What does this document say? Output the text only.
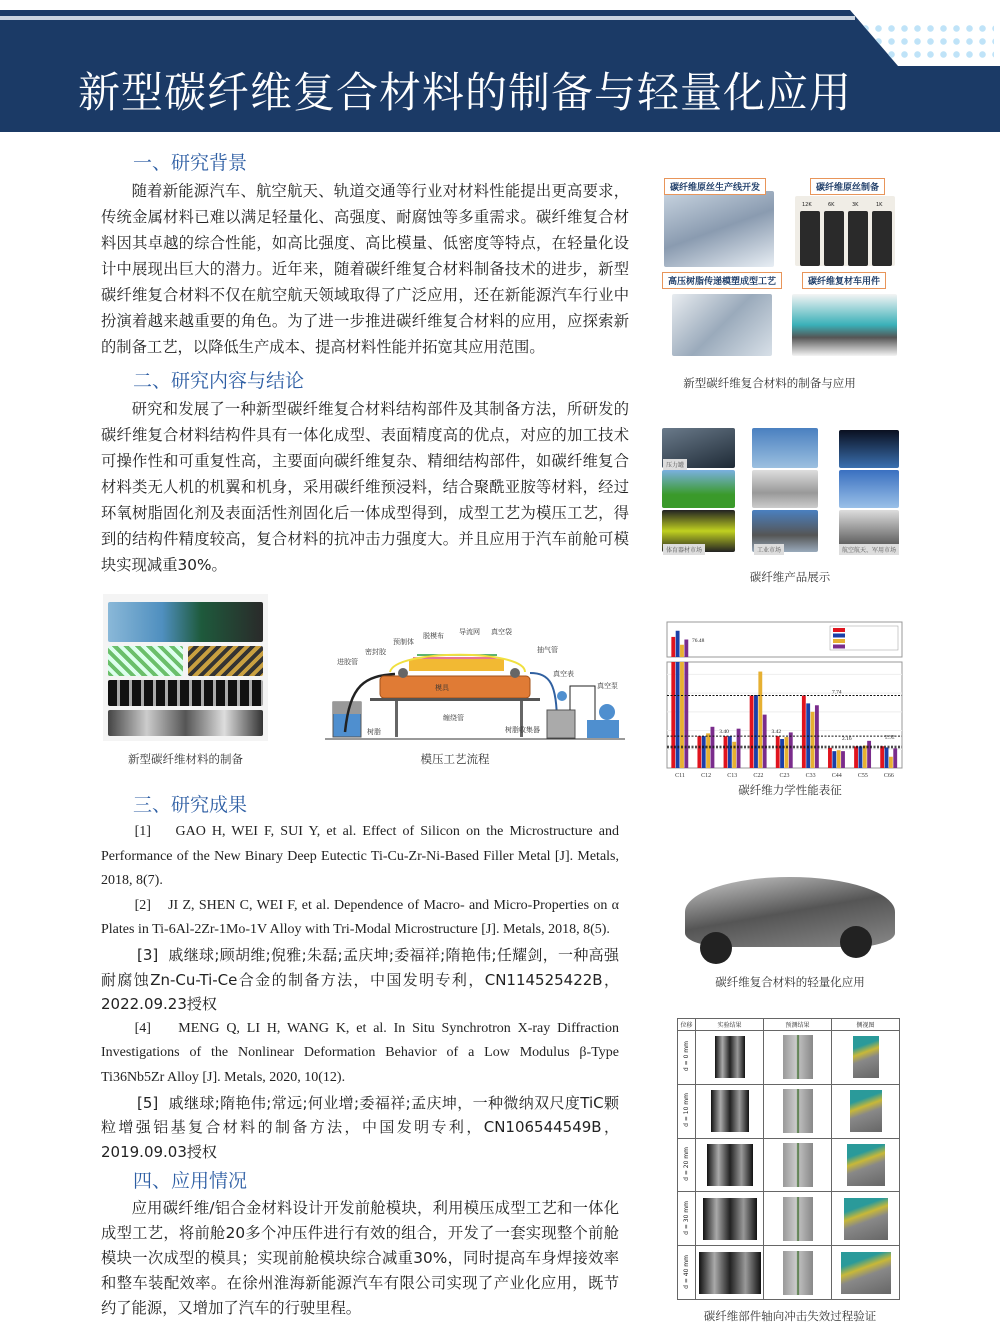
新型碳纤维复合材料的制备与轻量化应用
一、研究背景

随着新能源汽车、航空航天、轨道交通等行业对材料性能提出更高要求，传统金属材料已难以满足轻量化、高强度、耐腐蚀等多重需求。碳纤维复合材料因其卓越的综合性能，如高比强度、高比模量、低密度等特点，在轻量化设计中展现出巨大的潜力。近年来，随着碳纤维复合材料制备技术的进步，新型碳纤维复合材料不仅在航空航天领域取得了广泛应用，还在新能源汽车行业中扮演着越来越重要的角色。为了进一步推进碳纤维复合材料的应用，应探索新的制备工艺，以降低生产成本、提高材料性能并拓宽其应用范围。

二、研究内容与结论

研究和发展了一种新型碳纤维复合材料结构部件及其制备方法，所研发的碳纤维复合材料结构件具有一体化成型、表面精度高的优点，对应的加工技术可操作性和可重复性高，主要面向碳纤维复杂、精细结构部件，如碳纤维复合材料类无人机的机翼和机身，采用碳纤维预浸料，结合聚酰亚胺等材料，经过环氧树脂固化剂及表面活性剂固化后一体成型得到，成型工艺为模压工艺，得到的结构件精度较高，复合材料的抗冲击力强度大。并且应用于汽车前舱可模块实现减重30%。

新型碳纤维材料的制备
进胶管
密封胶
预制体
脱模布 导流网 真空袋
抽气管
真空表
真空泵
模具
缠绕管
树脂	树脂收集器
模压工艺流程
三、研究成果

[1] GAO H, WEI F, SUI Y, et al. Effect of Silicon on the Microstructure and Performance of the New Binary Deep Eutectic Ti-Cu-Zr-Ni-Based Filler Metal [J]. Metals, 2018, 8(7).

[2] JI Z, SHEN C, WEI F, et al. Dependence of Macro- and Micro-Properties on α Plates in Ti-6Al-2Zr-1Mo-1V Alloy with Tri-Modal Microstructure [J]. Metals, 2018, 8(5).

[3] 戚继球;顾胡维;倪雅;朱磊;孟庆坤;委福祥;隋艳伟;任耀剑，一种高强耐腐蚀Zn-Cu-Ti-Ce合金的制备方法，中国发明专利，CN114525422B，2022.09.23授权

[4] MENG Q, LI H, WANG K, et al. In Situ Synchrotron X-ray Diffraction Investigations of the Nonlinear Deformation Behavior of a Low Modulus β-Type Ti36Nb5Zr Alloy [J]. Metals, 2020, 10(12).

[5] 戚继球;隋艳伟;常远;何业增;委福祥;孟庆坤，一种微纳双尺度TiC颗粒增强铝基复合材料的制备方法，中国发明专利，CN106544549B，2019.09.03授权

四、应用情况

应用碳纤维/铝合金材料设计开发前舱模块，利用模压成型工艺和一体化成型工艺，将前舱20多个冲压件进行有效的组合，开发了一套实现整个前舱模块一次成型的模具；实现前舱模块综合减重30%，同时提高车身焊接效率和整车装配效率。在徐州淮海新能源汽车有限公司实现了产业化应用，既节约了能源，又增加了汽车的行驶里程。

12K	6K	3K	1K
碳纤维原丝生产线开发	碳纤维原丝制备
高压树脂传递模塑成型工艺	碳纤维复材车用件
新型碳纤维复合材料的制备与应用
压力罐
体育器材市场	工业市场	航空航天、军用市场
碳纤维产品展示
C11	C12	C13	C22	C23	C33	C44	C55	C66
76.48
7.74
3.40	3.42
2.16	2.32
碳纤维力学性能表征
碳纤维复合材料的轻量化应用
位移	实验结果	预测结果	侧视图
d = 0 mm	

d = 10 mm	

d = 20 mm	

d = 30 mm	

d = 40 mm	

碳纤维部件轴向冲击失效过程验证
